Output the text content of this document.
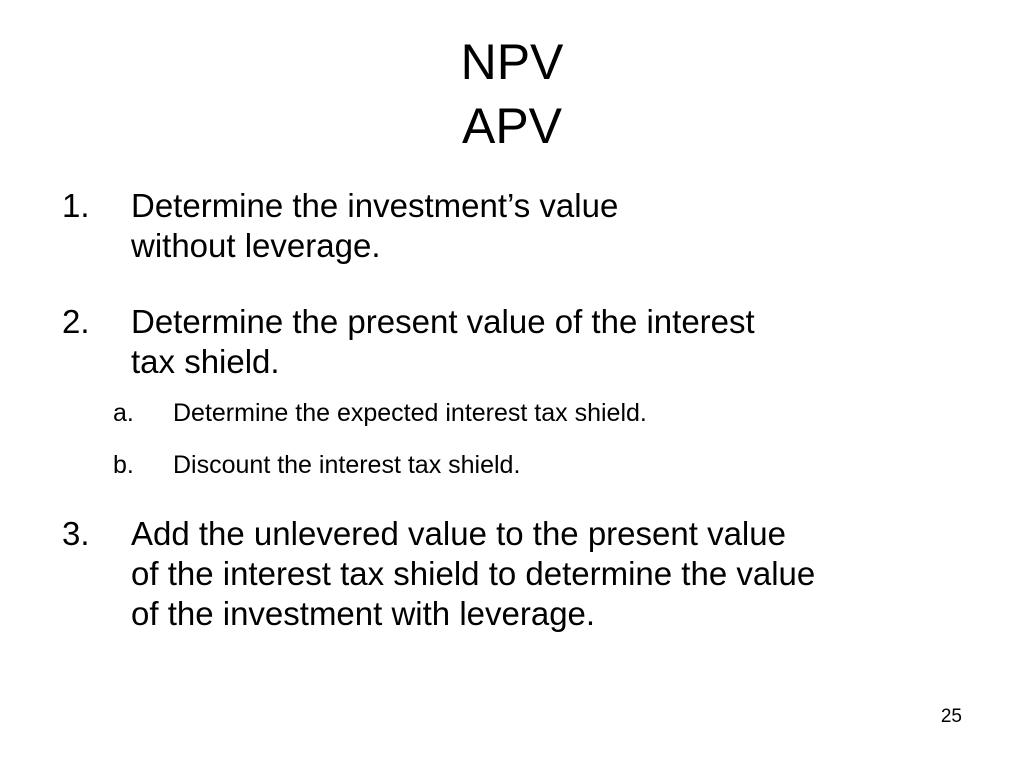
NPV
APV
1. Determine the investment’s value
without leverage.
2. Determine the present value of the interest
tax shield.
a. Determine the expected interest tax shield.
b. Discount the interest tax shield.
3. Add the unlevered value to the present value
of the interest tax shield to determine the value
of the investment with leverage.
25
